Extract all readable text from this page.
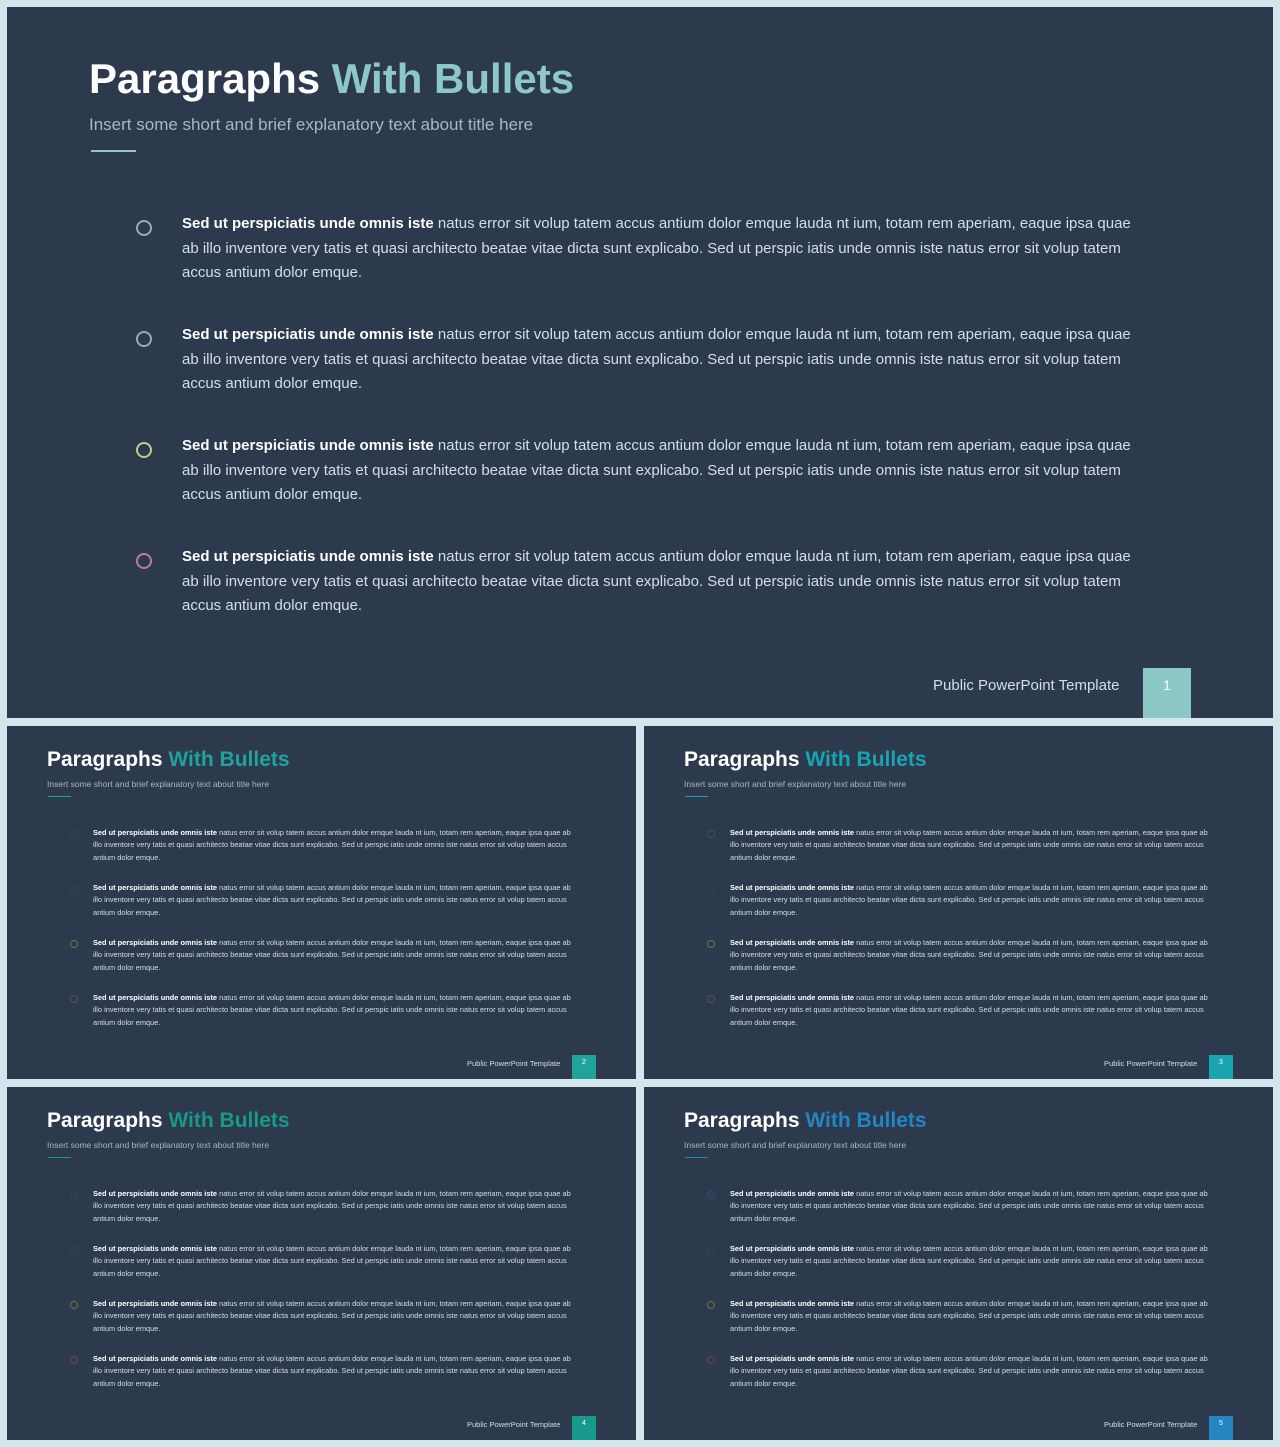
Paragraphs With Bullets
Insert some short and brief explanatory text about title here
Sed ut perspiciatis unde omnis iste natus error sit volup tatem accus antium dolor emque lauda nt ium, totam rem aperiam, eaque ipsa quae ab illo inventore very tatis et quasi architecto beatae vitae dicta sunt explicabo. Sed ut perspic iatis unde omnis iste natus error sit volup tatem accus antium dolor emque.
Sed ut perspiciatis unde omnis iste natus error sit volup tatem accus antium dolor emque lauda nt ium, totam rem aperiam, eaque ipsa quae ab illo inventore very tatis et quasi architecto beatae vitae dicta sunt explicabo. Sed ut perspic iatis unde omnis iste natus error sit volup tatem accus antium dolor emque.
Sed ut perspiciatis unde omnis iste natus error sit volup tatem accus antium dolor emque lauda nt ium, totam rem aperiam, eaque ipsa quae ab illo inventore very tatis et quasi architecto beatae vitae dicta sunt explicabo. Sed ut perspic iatis unde omnis iste natus error sit volup tatem accus antium dolor emque.
Sed ut perspiciatis unde omnis iste natus error sit volup tatem accus antium dolor emque lauda nt ium, totam rem aperiam, eaque ipsa quae ab illo inventore very tatis et quasi architecto beatae vitae dicta sunt explicabo. Sed ut perspic iatis unde omnis iste natus error sit volup tatem accus antium dolor emque.
Public PowerPoint Template	1
Paragraphs With Bullets
Insert some short and brief explanatory text about title here
Sed ut perspiciatis unde omnis iste natus error sit volup tatem accus antium dolor emque lauda nt ium, totam rem aperiam, eaque ipsa quae ab illo inventore very tatis et quasi architecto beatae vitae dicta sunt explicabo. Sed ut perspic iatis unde omnis iste natus error sit volup tatem accus antium dolor emque.
Sed ut perspiciatis unde omnis iste natus error sit volup tatem accus antium dolor emque lauda nt ium, totam rem aperiam, eaque ipsa quae ab illo inventore very tatis et quasi architecto beatae vitae dicta sunt explicabo. Sed ut perspic iatis unde omnis iste natus error sit volup tatem accus antium dolor emque.
Sed ut perspiciatis unde omnis iste natus error sit volup tatem accus antium dolor emque lauda nt ium, totam rem aperiam, eaque ipsa quae ab illo inventore very tatis et quasi architecto beatae vitae dicta sunt explicabo. Sed ut perspic iatis unde omnis iste natus error sit volup tatem accus antium dolor emque.
Sed ut perspiciatis unde omnis iste natus error sit volup tatem accus antium dolor emque lauda nt ium, totam rem aperiam, eaque ipsa quae ab illo inventore very tatis et quasi architecto beatae vitae dicta sunt explicabo. Sed ut perspic iatis unde omnis iste natus error sit volup tatem accus antium dolor emque.
Public PowerPoint Template	2
Paragraphs With Bullets
Insert some short and brief explanatory text about title here
Sed ut perspiciatis unde omnis iste natus error sit volup tatem accus antium dolor emque lauda nt ium, totam rem aperiam, eaque ipsa quae ab illo inventore very tatis et quasi architecto beatae vitae dicta sunt explicabo. Sed ut perspic iatis unde omnis iste natus error sit volup tatem accus antium dolor emque.
Sed ut perspiciatis unde omnis iste natus error sit volup tatem accus antium dolor emque lauda nt ium, totam rem aperiam, eaque ipsa quae ab illo inventore very tatis et quasi architecto beatae vitae dicta sunt explicabo. Sed ut perspic iatis unde omnis iste natus error sit volup tatem accus antium dolor emque.
Sed ut perspiciatis unde omnis iste natus error sit volup tatem accus antium dolor emque lauda nt ium, totam rem aperiam, eaque ipsa quae ab illo inventore very tatis et quasi architecto beatae vitae dicta sunt explicabo. Sed ut perspic iatis unde omnis iste natus error sit volup tatem accus antium dolor emque.
Sed ut perspiciatis unde omnis iste natus error sit volup tatem accus antium dolor emque lauda nt ium, totam rem aperiam, eaque ipsa quae ab illo inventore very tatis et quasi architecto beatae vitae dicta sunt explicabo. Sed ut perspic iatis unde omnis iste natus error sit volup tatem accus antium dolor emque.
Public PowerPoint Template	3
Paragraphs With Bullets
Insert some short and brief explanatory text about title here
Sed ut perspiciatis unde omnis iste natus error sit volup tatem accus antium dolor emque lauda nt ium, totam rem aperiam, eaque ipsa quae ab illo inventore very tatis et quasi architecto beatae vitae dicta sunt explicabo. Sed ut perspic iatis unde omnis iste natus error sit volup tatem accus antium dolor emque.
Sed ut perspiciatis unde omnis iste natus error sit volup tatem accus antium dolor emque lauda nt ium, totam rem aperiam, eaque ipsa quae ab illo inventore very tatis et quasi architecto beatae vitae dicta sunt explicabo. Sed ut perspic iatis unde omnis iste natus error sit volup tatem accus antium dolor emque.
Sed ut perspiciatis unde omnis iste natus error sit volup tatem accus antium dolor emque lauda nt ium, totam rem aperiam, eaque ipsa quae ab illo inventore very tatis et quasi architecto beatae vitae dicta sunt explicabo. Sed ut perspic iatis unde omnis iste natus error sit volup tatem accus antium dolor emque.
Sed ut perspiciatis unde omnis iste natus error sit volup tatem accus antium dolor emque lauda nt ium, totam rem aperiam, eaque ipsa quae ab illo inventore very tatis et quasi architecto beatae vitae dicta sunt explicabo. Sed ut perspic iatis unde omnis iste natus error sit volup tatem accus antium dolor emque.
Public PowerPoint Template	4
Paragraphs With Bullets
Insert some short and brief explanatory text about title here
Sed ut perspiciatis unde omnis iste natus error sit volup tatem accus antium dolor emque lauda nt ium, totam rem aperiam, eaque ipsa quae ab illo inventore very tatis et quasi architecto beatae vitae dicta sunt explicabo. Sed ut perspic iatis unde omnis iste natus error sit volup tatem accus antium dolor emque.
Sed ut perspiciatis unde omnis iste natus error sit volup tatem accus antium dolor emque lauda nt ium, totam rem aperiam, eaque ipsa quae ab illo inventore very tatis et quasi architecto beatae vitae dicta sunt explicabo. Sed ut perspic iatis unde omnis iste natus error sit volup tatem accus antium dolor emque.
Sed ut perspiciatis unde omnis iste natus error sit volup tatem accus antium dolor emque lauda nt ium, totam rem aperiam, eaque ipsa quae ab illo inventore very tatis et quasi architecto beatae vitae dicta sunt explicabo. Sed ut perspic iatis unde omnis iste natus error sit volup tatem accus antium dolor emque.
Sed ut perspiciatis unde omnis iste natus error sit volup tatem accus antium dolor emque lauda nt ium, totam rem aperiam, eaque ipsa quae ab illo inventore very tatis et quasi architecto beatae vitae dicta sunt explicabo. Sed ut perspic iatis unde omnis iste natus error sit volup tatem accus antium dolor emque.
Public PowerPoint Template	5
